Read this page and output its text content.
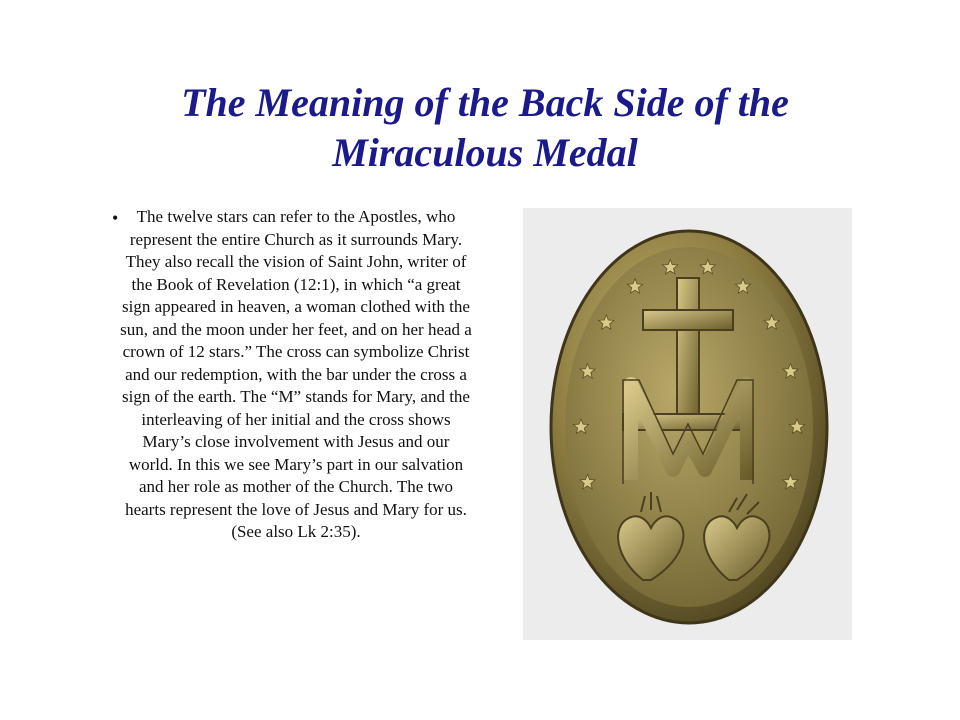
The Meaning of the Back Side of the
Miraculous Medal
•	The twelve stars can refer to the Apostles, who represent the entire Church as it surrounds Mary. They also recall the vision of Saint John, writer of the Book of Revelation (12:1), in which “a great sign appeared in heaven, a woman clothed with the sun, and the moon under her feet, and on her head a crown of 12 stars.” The cross can symbolize Christ and our redemption, with the bar under the cross a sign of the earth. The “M” stands for Mary, and the interleaving of her initial and the cross shows Mary’s close involvement with Jesus and our world. In this we see Mary’s part in our salvation and her role as mother of the Church. The two hearts represent the love of Jesus and Mary for us. (See also Lk 2:35).
